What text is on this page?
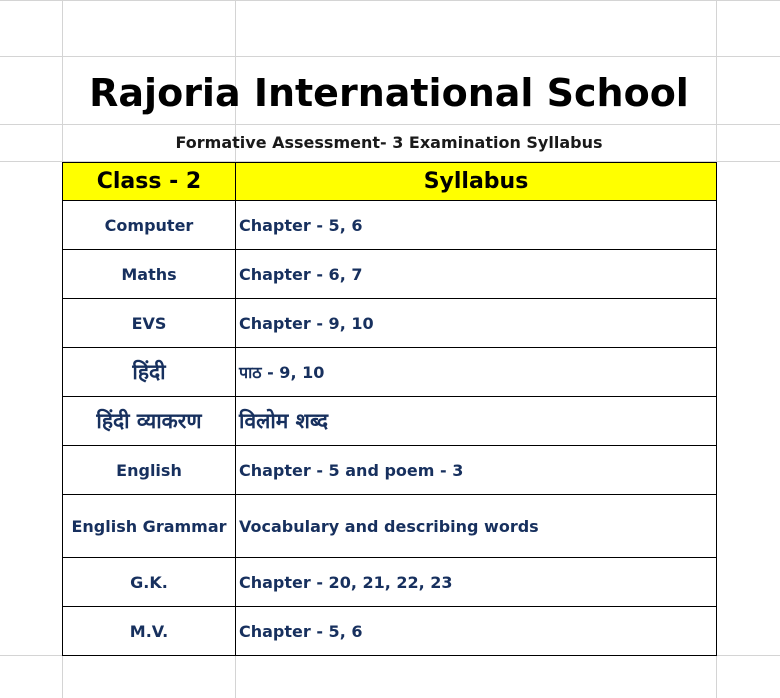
Rajoria International School
Formative Assessment- 3 Examination Syllabus
Class - 2	Syllabus
Computer	Chapter - 5, 6
Maths	Chapter - 6, 7
EVS	Chapter - 9, 10
हिंदी	पाठ - 9, 10
हिंदी व्याकरण	विलोम शब्द
English	Chapter - 5 and poem - 3
English Grammar	Vocabulary and describing words
G.K.	Chapter - 20, 21, 22, 23
M.V.	Chapter - 5, 6
